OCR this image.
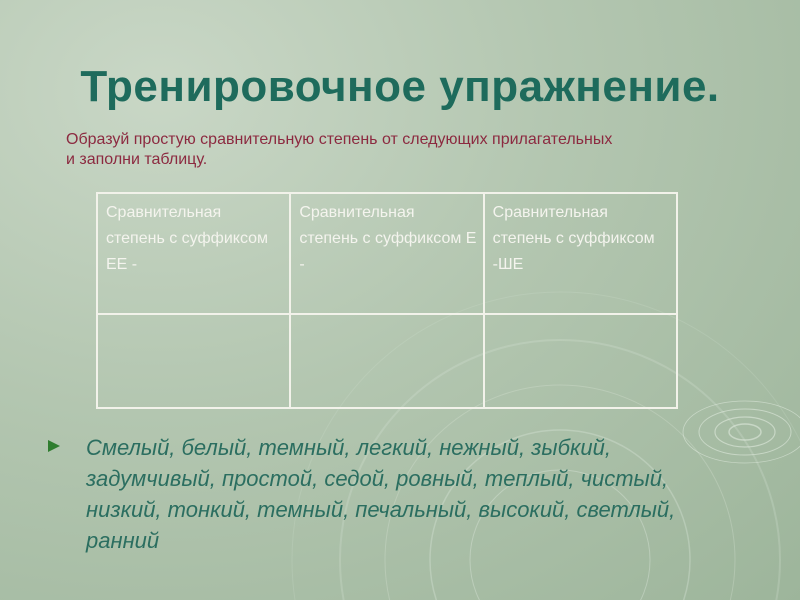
Тренировочное упражнение.
Образуй простую сравнительную степень от следующих прилагательных
и заполни таблицу.
Сравнительная степень с суффиксом ЕЕ -	Сравнительная степень с суффиксом Е -	Сравнительная степень с суффиксом -ШЕ

Смелый, белый, темный, легкий, нежный, зыбкий, задумчивый, простой, седой, ровный, теплый, чистый, низкий, тонкий, темный, печальный, высокий, светлый, ранний
